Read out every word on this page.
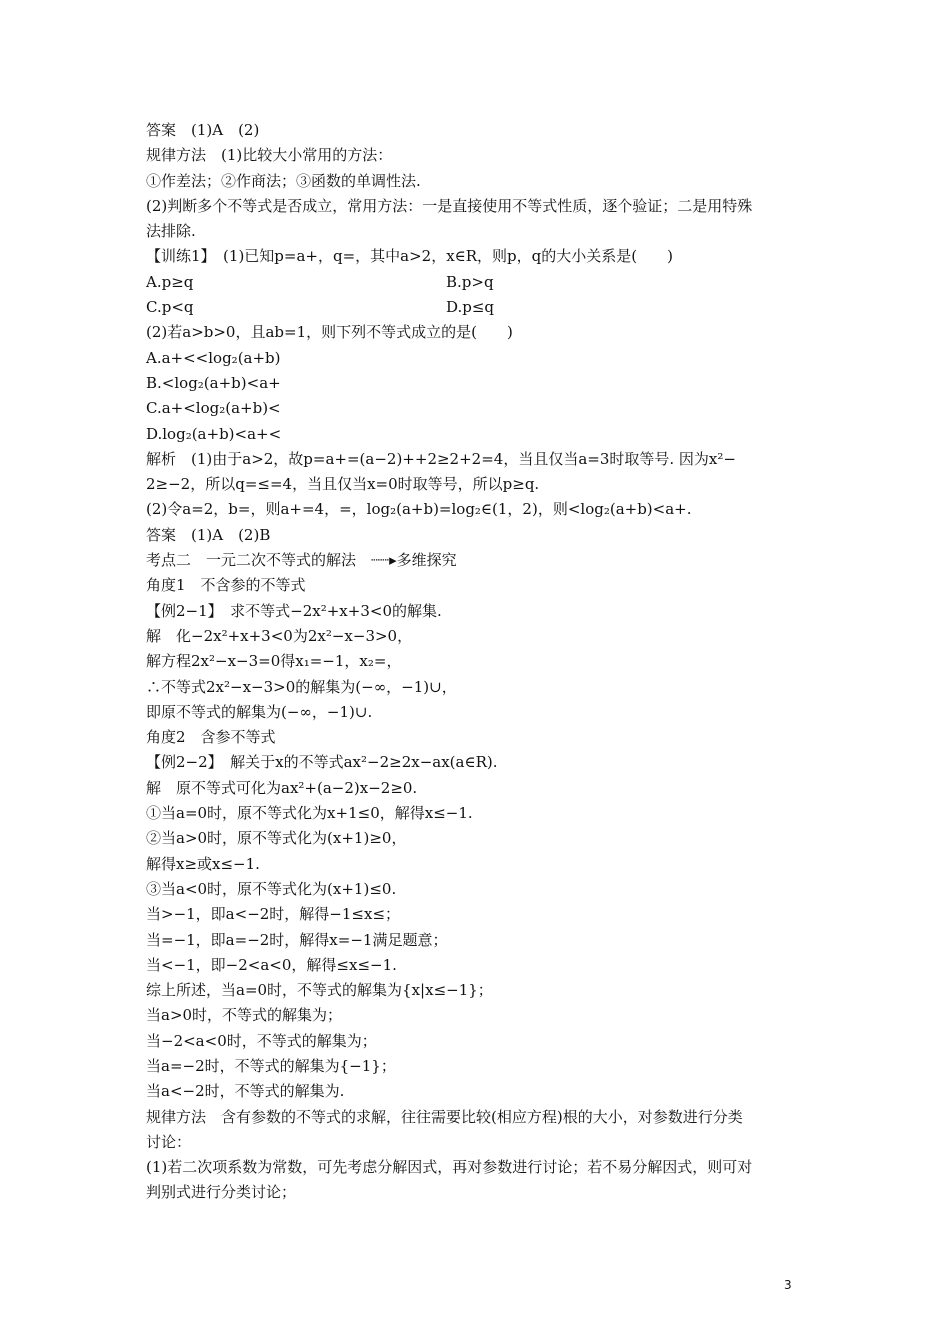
答案　(1)A　(2)

规律方法　(1)比较大小常用的方法：

①作差法；②作商法；③函数的单调性法.

(2)判断多个不等式是否成立，常用方法：一是直接使用不等式性质，逐个验证；二是用特殊

法排除.

【训练1】　(1)已知p=a+，q=，其中a>2，x∈R，则p，q的大小关系是(　　)

A.p≥q	B.p>q
C.p<q	D.p≤q

(2)若a>b>0，且ab=1，则下列不等式成立的是(　　)

A.a+<<log₂(a+b)

B.<log₂(a+b)<a+

C.a+<log₂(a+b)<

D.log₂(a+b)<a+<

解析　(1)由于a>2，故p=a+=(a−2)++2≥2+2=4，当且仅当a=3时取等号. 因为x²−

2≥−2，所以q=≤=4，当且仅当x=0时取等号，所以p≥q.

(2)令a=2，b=，则a+=4，=，log₂(a+b)=log₂∈(1，2)，则<log₂(a+b)<a+.

答案　(1)A　(2)B

考点二　一元二次不等式的解法　┈┈▸多维探究

角度1　不含参的不等式

【例2−1】　求不等式−2x²+x+3<0的解集.

解　化−2x²+x+3<0为2x²−x−3>0，

解方程2x²−x−3=0得x₁=−1，x₂=，

∴不等式2x²−x−3>0的解集为(−∞，−1)∪，

即原不等式的解集为(−∞，−1)∪.

角度2　含参不等式

【例2−2】　解关于x的不等式ax²−2≥2x−ax(a∈R).

解　原不等式可化为ax²+(a−2)x−2≥0.

①当a=0时，原不等式化为x+1≤0，解得x≤−1.

②当a>0时，原不等式化为(x+1)≥0，

解得x≥或x≤−1.

③当a<0时，原不等式化为(x+1)≤0.

当>−1，即a<−2时，解得−1≤x≤；

当=−1，即a=−2时，解得x=−1满足题意；

当<−1，即−2<a<0，解得≤x≤−1.

综上所述，当a=0时，不等式的解集为{x|x≤−1}；

当a>0时，不等式的解集为；

当−2<a<0时，不等式的解集为；

当a=−2时，不等式的解集为{−1}；

当a<−2时，不等式的解集为.

规律方法　含有参数的不等式的求解，往往需要比较(相应方程)根的大小，对参数进行分类

讨论：

(1)若二次项系数为常数，可先考虑分解因式，再对参数进行讨论；若不易分解因式，则可对

判别式进行分类讨论；

3
